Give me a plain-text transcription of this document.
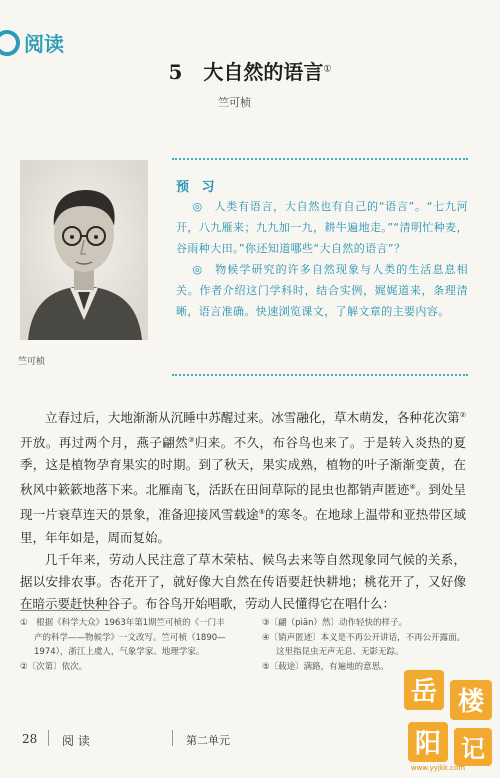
阅读
5 大自然的语言①
竺可桢
竺可桢
预 习

◎　人类有语言，大自然也有自己的“语言”。“七九河开，八九雁来；九九加一九，耕牛遍地走。”“清明忙种麦，谷雨种大田。”你还知道哪些“大自然的语言”？

◎　物候学研究的许多自然现象与人类的生活息息相关。作者介绍这门学科时，结合实例，娓娓道来，条理清晰，语言准确。快速浏览课文，了解文章的主要内容。

立春过后，大地渐渐从沉睡中苏醒过来。冰雪融化，草木萌发，各种花次第②开放。再过两个月，燕子翩然③归来。不久，布谷鸟也来了。于是转入炎热的夏季，这是植物孕育果实的时期。到了秋天，果实成熟，植物的叶子渐渐变黄，在秋风中簌簌地落下来。北雁南飞，活跃在田间草际的昆虫也都销声匿迹④。到处呈现一片衰草连天的景象，准备迎接风雪载途⑤的寒冬。在地球上温带和亚热带区域里，年年如是，周而复始。

几千年来，劳动人民注意了草木荣枯、候鸟去来等自然现象同气候的关系，据以安排农事。杏花开了，就好像大自然在传语要赶快耕地；桃花开了，又好像在暗示要赶快种谷子。布谷鸟开始唱歌，劳动人民懂得它在唱什么：

①　根据《科学大众》1963年第1期竺可桢的《一门丰产的科学——物候学》一文改写。竺可桢（1890—1974），浙江上虞人，气象学家、地理学家。

②〔次第〕依次。

③〔翩（piān）然〕动作轻快的样子。

④〔销声匿迹〕本义是不再公开讲话，不再公开露面。这里指昆虫无声无息、无影无踪。

⑤〔载途〕满路，有遍地的意思。

28 阅 读	第二单元
岳 楼
阳 记
www.yyjkk.com
